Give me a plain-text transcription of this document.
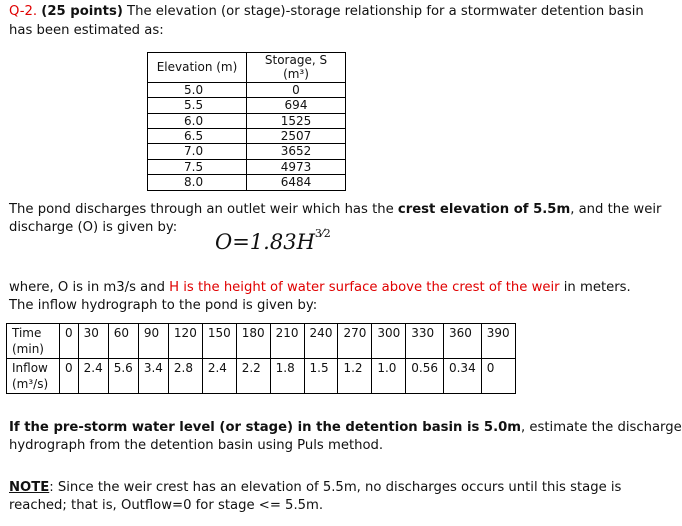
Q-2. (25 points) The elevation (or stage)-storage relationship for a stormwater detention basin
has been estimated as:
Elevation (m)	Storage, S (m³)
5.0	0
5.5	694
6.0	1525
6.5	2507
7.0	3652
7.5	4973
8.0	6484
The pond discharges through an outlet weir which has the crest elevation of 5.5m, and the weir
discharge (O) is given by:
$O=1.83H^{3⁄2}$
where, O is in m3/s and H is the height of water surface above the crest of the weir in meters.
The inflow hydrograph to the pond is given by:
Time
(min)	0	30	60	90	120	150	180	210	240	270	300	330	360	390
Inflow
(m³/s)	0	2.4	5.6	3.4	2.8	2.4	2.2	1.8	1.5	1.2	1.0	0.56	0.34	0
If the pre-storm water level (or stage) in the detention basin is 5.0m, estimate the discharge
hydrograph from the detention basin using Puls method.
NOTE: Since the weir crest has an elevation of 5.5m, no discharges occurs until this stage is
reached; that is, Outflow=0 for stage <= 5.5m.
